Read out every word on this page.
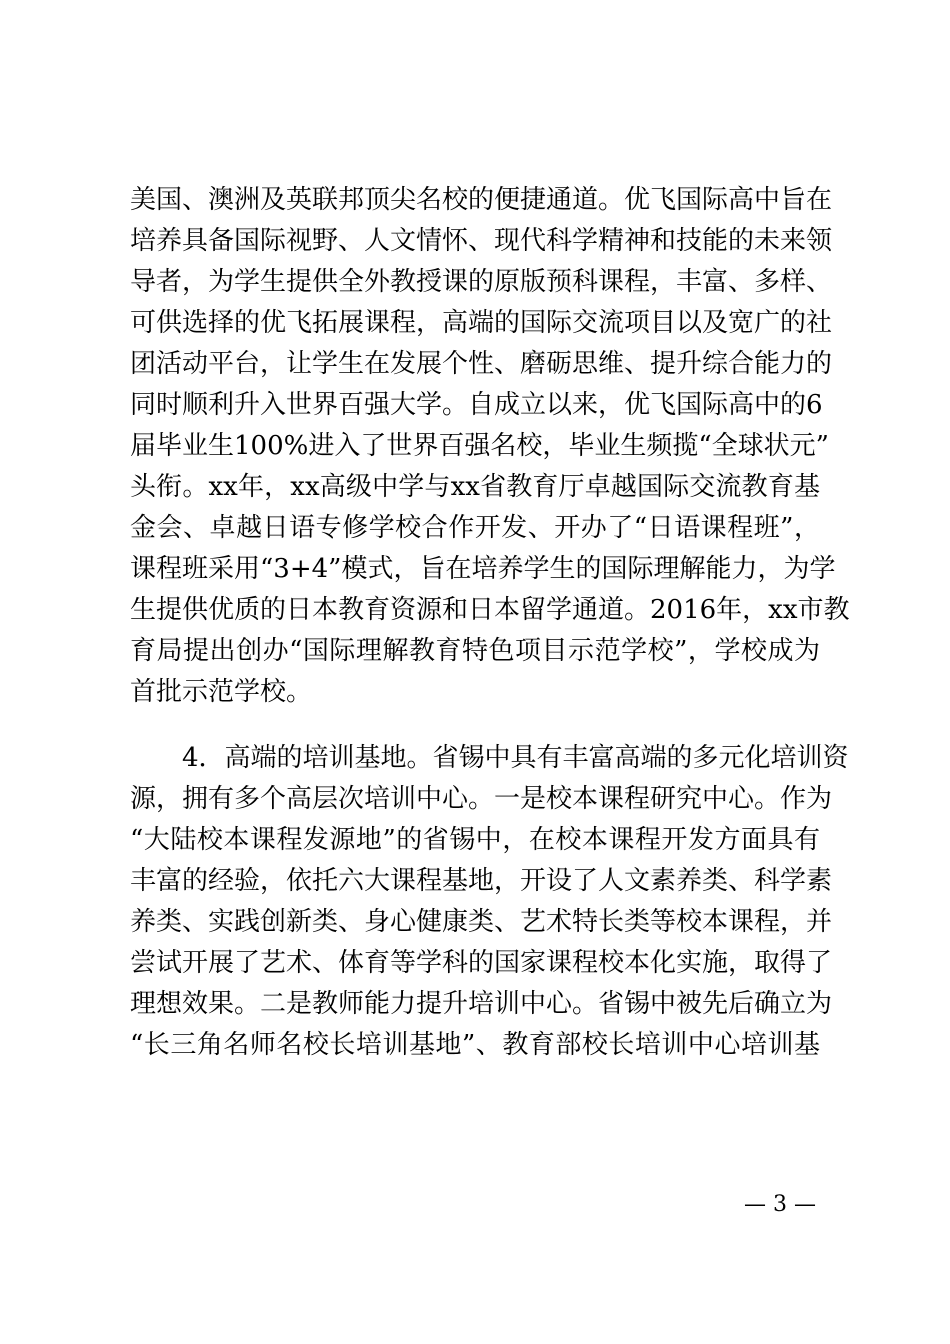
美国、澳洲及英联邦顶尖名校的便捷通道。优飞国际高中旨在
培养具备国际视野、人文情怀、现代科学精神和技能的未来领
导者，为学生提供全外教授课的原版预科课程，丰富、多样、
可供选择的优飞拓展课程，高端的国际交流项目以及宽广的社
团活动平台，让学生在发展个性、磨砺思维、提升综合能力的
同时顺利升入世界百强大学。自成立以来，优飞国际高中的6
届毕业生100%进入了世界百强名校，毕业生频揽“全球状元”
头衔。xx年，xx高级中学与xx省教育厅卓越国际交流教育基
金会、卓越日语专修学校合作开发、开办了“日语课程班”，
课程班采用“3+4”模式，旨在培养学生的国际理解能力，为学
生提供优质的日本教育资源和日本留学通道。2016年，xx市教
育局提出创办“国际理解教育特色项目示范学校”，学校成为
首批示范学校。
4．高端的培训基地。省锡中具有丰富高端的多元化培训资
源，拥有多个高层次培训中心。一是校本课程研究中心。作为
“大陆校本课程发源地”的省锡中，在校本课程开发方面具有
丰富的经验，依托六大课程基地，开设了人文素养类、科学素
养类、实践创新类、身心健康类、艺术特长类等校本课程，并
尝试开展了艺术、体育等学科的国家课程校本化实施，取得了
理想效果。二是教师能力提升培训中心。省锡中被先后确立为
“长三角名师名校长培训基地”、教育部校长培训中心培训基
— 3 —
